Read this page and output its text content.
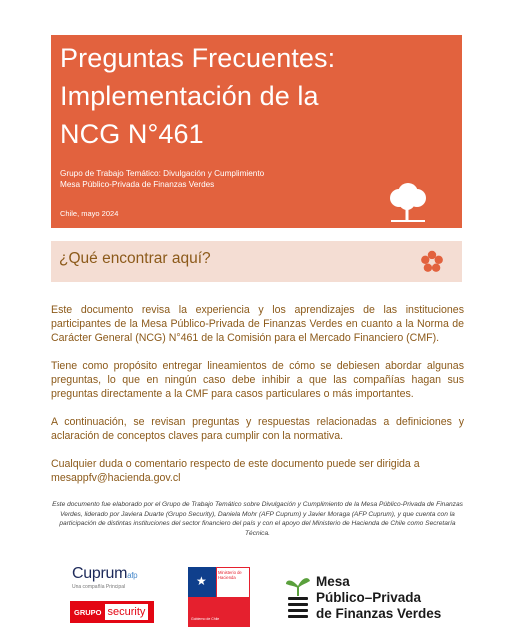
Preguntas Frecuentes:
Implementación de la
NCG N°461
Grupo de Trabajo Temático: Divulgación y Cumplimiento
Mesa Público-Privada de Finanzas Verdes
Chile, mayo 2024
¿Qué encontrar aquí?

Este documento revisa la experiencia y los aprendizajes de las instituciones participantes de la Mesa Público-Privada de Finanzas Verdes en cuanto a la Norma de Carácter General (NCG) N°461 de la Comisión para el Mercado Financiero (CMF).

Tiene como propósito entregar lineamientos de cómo se debiesen abordar algunas preguntas, lo que en ningún caso debe inhibir a que las compañías hagan sus preguntas directamente a la CMF para casos particulares o más importantes.

A continuación, se revisan preguntas y respuestas relacionadas a definiciones y aclaración de conceptos claves para cumplir con la normativa.

Cualquier duda o comentario respecto de este documento puede ser dirigida a mesappfv@hacienda.gov.cl

Este documento fue elaborado por el Grupo de Trabajo Temático sobre Divulgación y Cumplimiento de la Mesa Público-Privada de Finanzas Verdes, liderado por Javiera Duarte (Grupo Security), Daniela Mohr (AFP Cuprum) y Javier Moraga (AFP Cuprum), y que cuenta con la participación de distintas instituciones del sector financiero del país y con el apoyo del Ministerio de Hacienda de Chile como Secretaría Técnica.
Cuprumafp
Una compañía Principal
GRUPO security
★
Ministerio de
Hacienda
Gobierno de Chile
Mesa
Público–Privada
de Finanzas Verdes
